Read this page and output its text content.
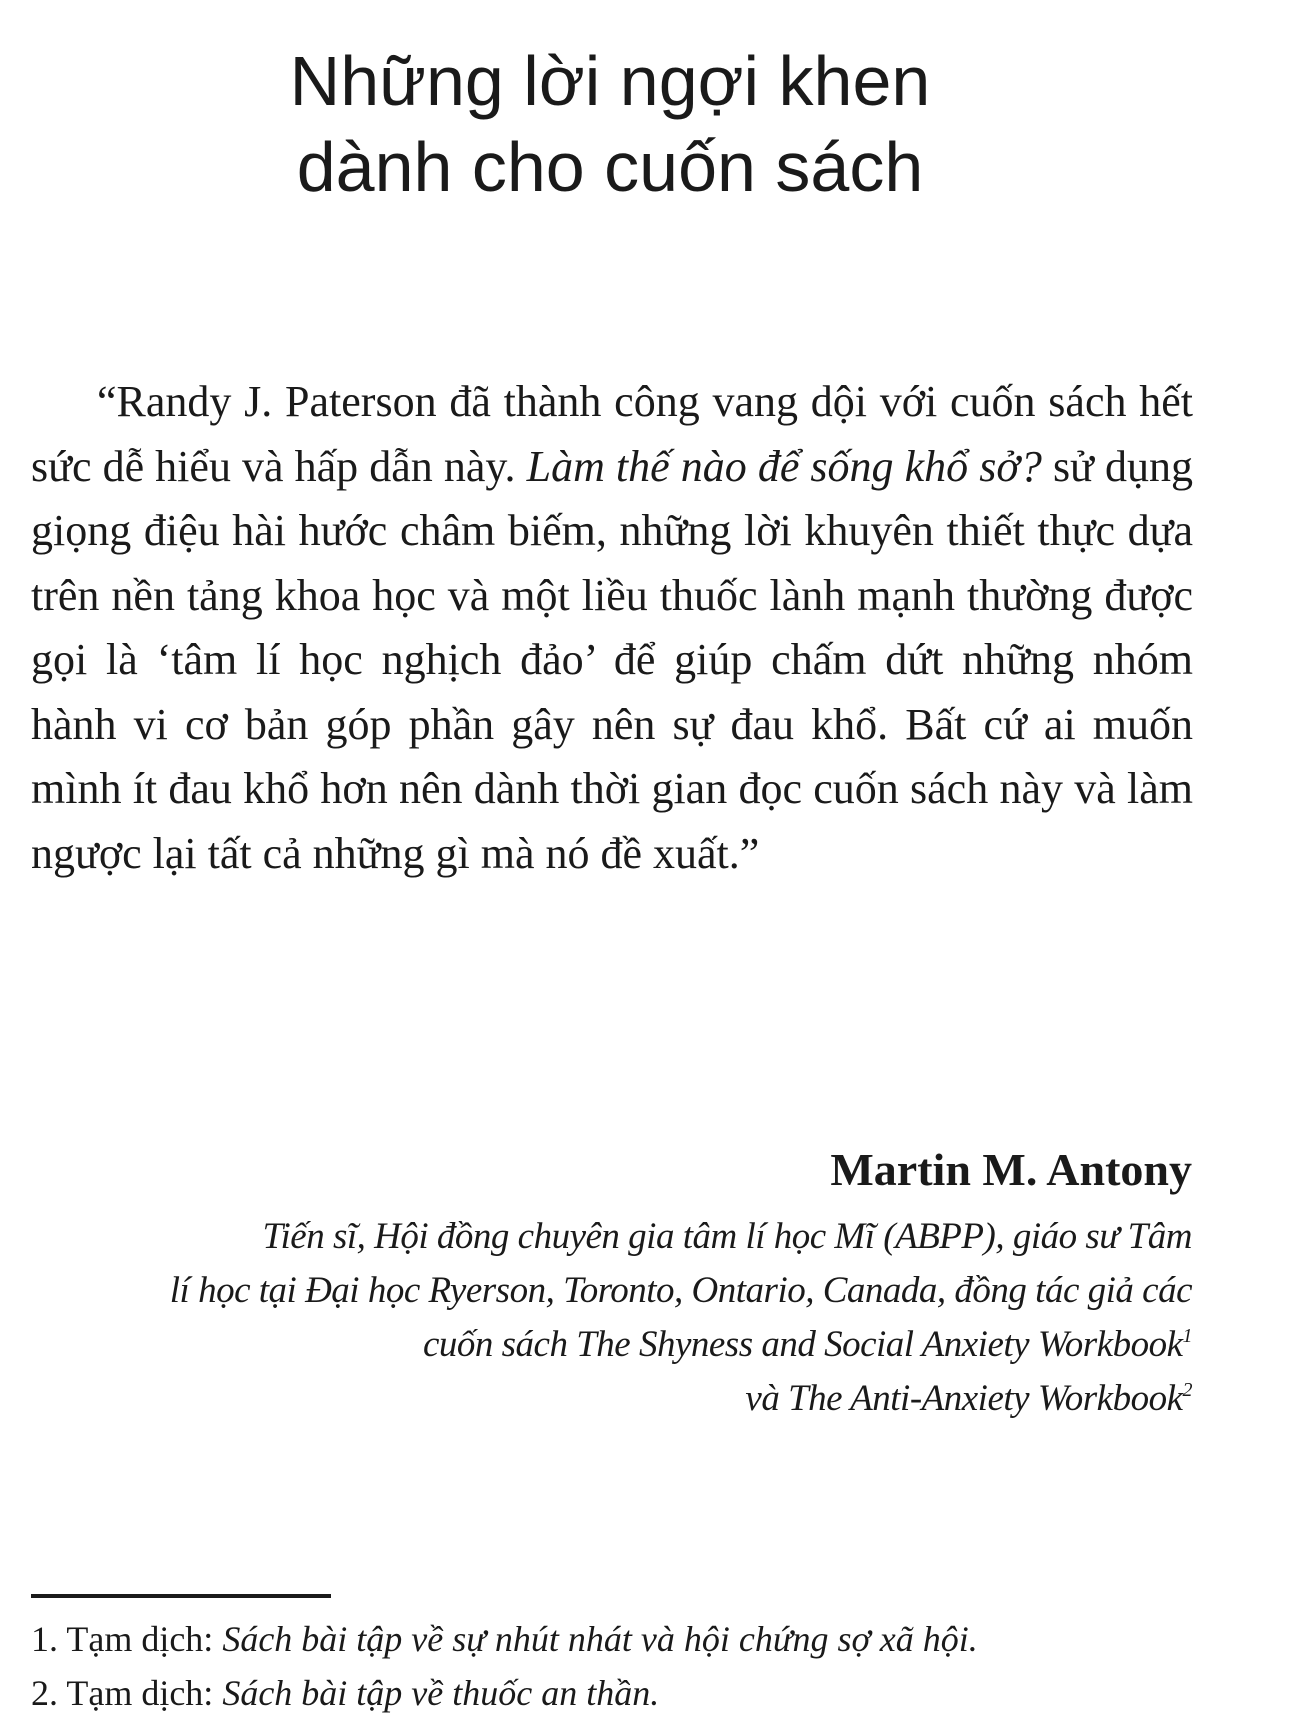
Những lời ngợi khen
dành cho cuốn sách

“Randy J. Paterson đã thành công vang dội với cuốn sách hết sức dễ hiểu và hấp dẫn này. Làm thế nào để sống khổ sở? sử dụng giọng điệu hài hước châm biếm, những lời khuyên thiết thực dựa trên nền tảng khoa học và một liều thuốc lành mạnh thường được gọi là ‘tâm lí học nghịch đảo’ để giúp chấm dứt những nhóm hành vi cơ bản góp phần gây nên sự đau khổ. Bất cứ ai muốn mình ít đau khổ hơn nên dành thời gian đọc cuốn sách này và làm ngược lại tất cả những gì mà nó đề xuất.”

Martin M. Antony

Tiến sĩ, Hội đồng chuyên gia tâm lí học Mĩ (ABPP), giáo sư Tâm
lí học tại Đại học Ryerson, Toronto, Ontario, Canada, đồng tác giả các
cuốn sách The Shyness and Social Anxiety Workbook$^1$
và The Anti-Anxiety Workbook$^2$

1. Tạm dịch: Sách bài tập về sự nhút nhát và hội chứng sợ xã hội.
2. Tạm dịch: Sách bài tập về thuốc an thần.
